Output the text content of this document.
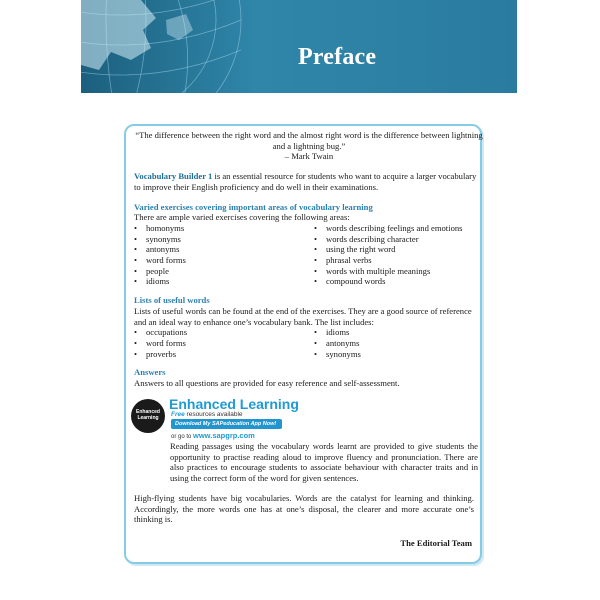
Preface

“The difference between the right word and the almost right word is the difference between lightning and a lightning bug.”

– Mark Twain

Vocabulary Builder 1 is an essential resource for students who want to acquire a larger vocabulary to improve their English proficiency and do well in their examinations.

Varied exercises covering important areas of vocabulary learning

There are ample varied exercises covering the following areas:

•	homonyms
•	synonyms
•	antonyms
•	word forms
•	people
•	idioms
•	words describing feelings and emotions
•	words describing character
•	using the right word
•	phrasal verbs
•	words with multiple meanings
•	compound words

Lists of useful words

Lists of useful words can be found at the end of the exercises. They are a good source of reference and an ideal way to enhance one’s vocabulary bank. The list includes:

•	occupations
•	word forms
•	proverbs
•	idioms
•	antonyms
•	synonyms

Answers

Answers to all questions are provided for easy reference and self-assessment.

Enhanced Learning
Enhanced Learning
Free resources available
Download My SAPeducation App Now!
or go to www.sapgrp.com

Reading passages using the vocabulary words learnt are provided to give students the opportunity to practise reading aloud to improve fluency and pronunciation. There are also practices to encourage students to associate behaviour with character traits and in using the correct form of the word for given sentences.

High-flying students have big vocabularies. Words are the catalyst for learning and thinking. Accordingly, the more words one has at one’s disposal, the clearer and more accurate one’s thinking is.

The Editorial Team
